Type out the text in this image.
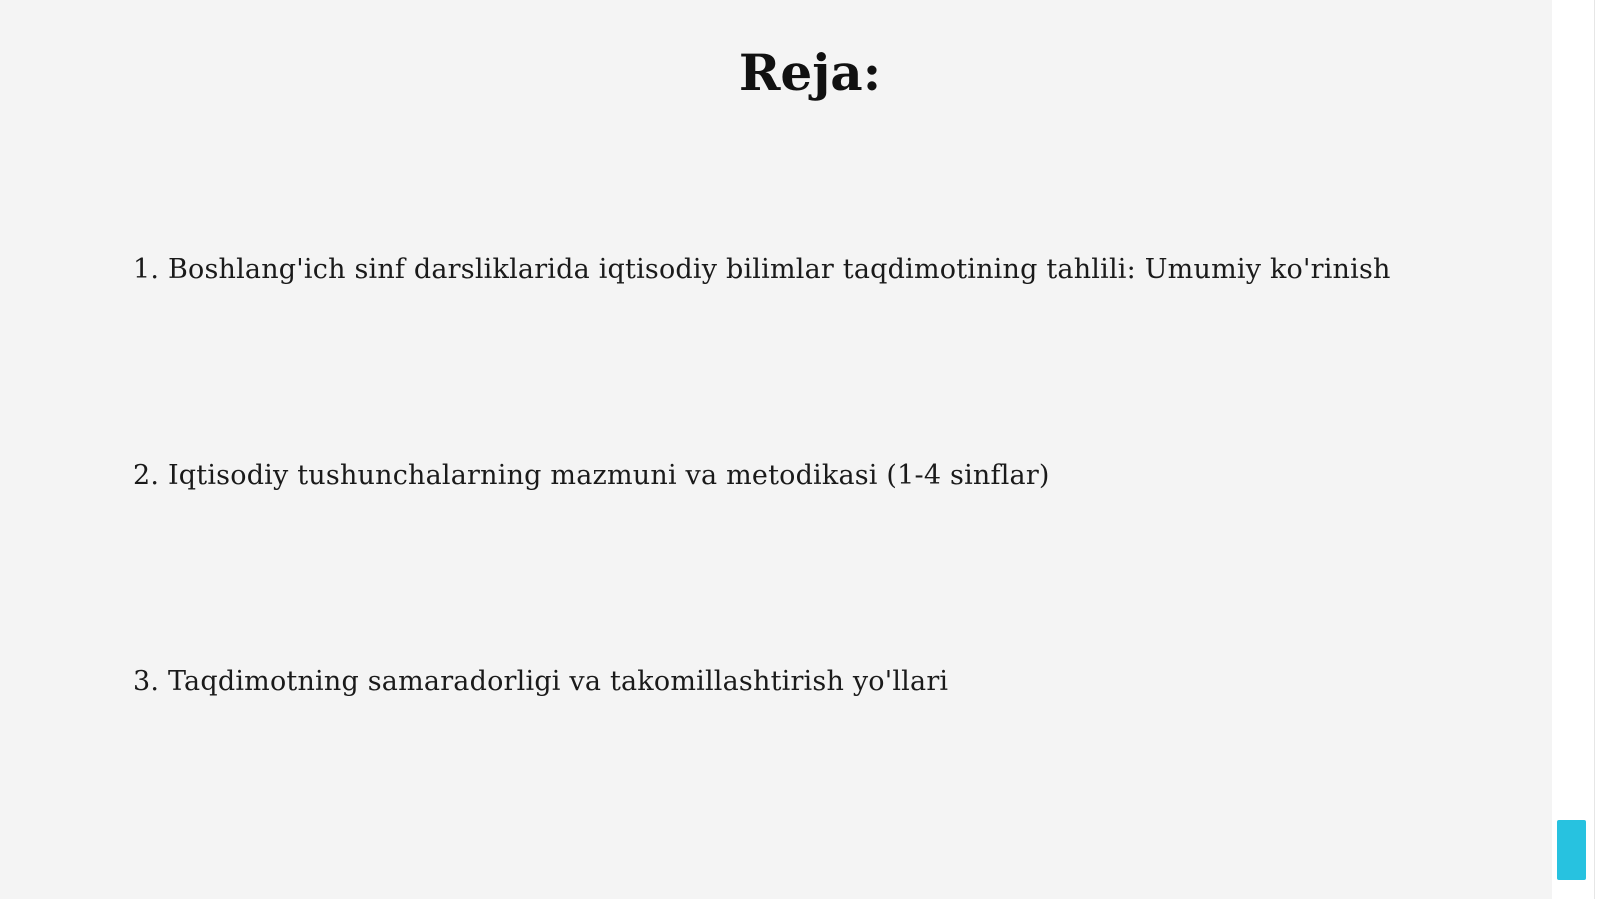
Reja:

1. Boshlang'ich sinf darsliklarida iqtisodiy bilimlar taqdimotining tahlili: Umumiy ko'rinish

2. Iqtisodiy tushunchalarning mazmuni va metodikasi (1-4 sinflar)

3. Taqdimotning samaradorligi va takomillashtirish yo'llari
